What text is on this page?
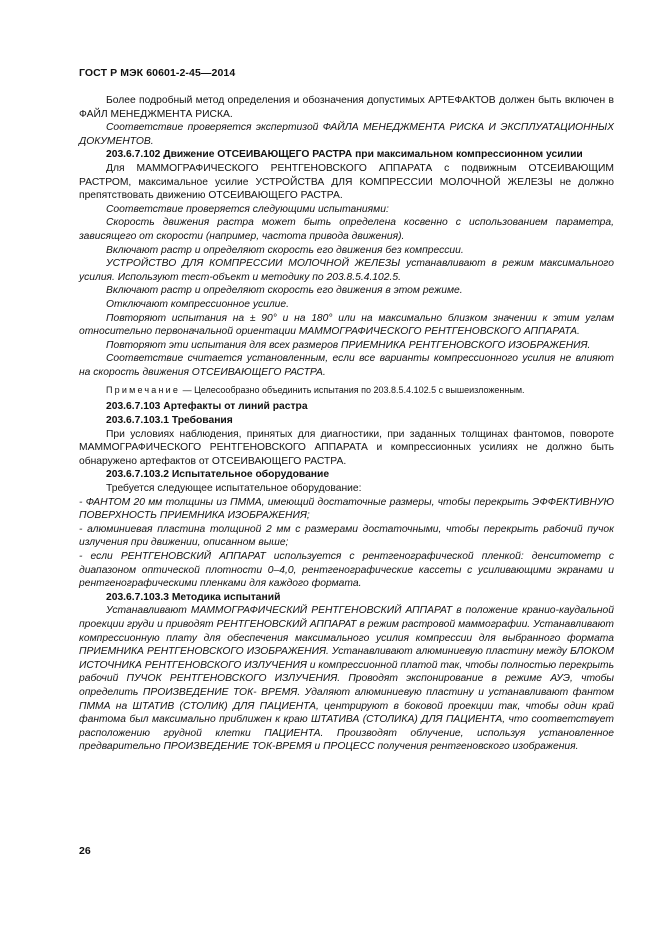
ГОСТ Р МЭК 60601-2-45—2014

Более подробный метод определения и обозначения допустимых АРТЕФАКТОВ должен быть включен в ФАЙЛ МЕНЕДЖМЕНТА РИСКА.

Соответствие проверяется экспертизой ФАЙЛА МЕНЕДЖМЕНТА РИСКА И ЭКСПЛУАТАЦИОННЫХ ДОКУМЕНТОВ.

203.6.7.102 Движение ОТСЕИВАЮЩЕГО РАСТРА при максимальном компрессионном усилии

Для МАММОГРАФИЧЕСКОГО РЕНТГЕНОВСКОГО АППАРАТА с подвижным ОТСЕИВАЮЩИМ РАСТРОМ, максимальное усилие УСТРОЙСТВА ДЛЯ КОМПРЕССИИ МОЛОЧНОЙ ЖЕЛЕЗЫ не должно препятствовать движению ОТСЕИВАЮЩЕГО РАСТРА.

Соответствие проверяется следующими испытаниями:

Скорость движения растра может быть определена косвенно с использованием параметра, зависящего от скорости (например, частота привода движения).

Включают растр и определяют скорость его движения без компрессии.

УСТРОЙСТВО ДЛЯ КОМПРЕССИИ МОЛОЧНОЙ ЖЕЛЕЗЫ устанавливают в режим максимального усилия. Используют тест-объект и методику по 203.8.5.4.102.5.

Включают растр и определяют скорость его движения в этом режиме.

Отключают компрессионное усилие.

Повторяют испытания на ± 90° и на 180° или на максимально близком значении к этим углам относительно первоначальной ориентации МАММОГРАФИЧЕСКОГО РЕНТГЕНОВСКОГО АППАРАТА.

Повторяют эти испытания для всех размеров ПРИЕМНИКА РЕНТГЕНОВСКОГО ИЗОБРАЖЕНИЯ.

Соответствие считается установленным, если все варианты компрессионного усилия не влияют на скорость движения ОТСЕИВАЮЩЕГО РАСТРА.

Примечание — Целесообразно объединить испытания по 203.8.5.4.102.5 с вышеизложенным.

203.6.7.103 Артефакты от линий растра

203.6.7.103.1 Требования

При условиях наблюдения, принятых для диагностики, при заданных толщинах фантомов, повороте МАММОГРАФИЧЕСКОГО РЕНТГЕНОВСКОГО АППАРАТА и компрессионных усилиях не должно быть обнаружено артефактов от ОТСЕИВАЮЩЕГО РАСТРА.

203.6.7.103.2 Испытательное оборудование

Требуется следующее испытательное оборудование:

- ФАНТОМ 20 мм толщины из ПММА, имеющий достаточные размеры, чтобы перекрыть ЭФФЕКТИВНУЮ ПОВЕРХНОСТЬ ПРИЕМНИКА ИЗОБРАЖЕНИЯ;

- алюминиевая пластина толщиной 2 мм с размерами достаточными, чтобы перекрыть рабочий пучок излучения при движении, описанном выше;

- если РЕНТГЕНОВСКИЙ АППАРАТ используется с рентгенографической пленкой: денситометр с диапазоном оптической плотности 0–4,0, рентгенографические кассеты с усиливающими экранами и рентгенографическими пленками для каждого формата.

203.6.7.103.3 Методика испытаний

Устанавливают МАММОГРАФИЧЕСКИЙ РЕНТГЕНОВСКИЙ АППАРАТ в положение кранио-каудальной проекции груди и приводят РЕНТГЕНОВСКИЙ АППАРАТ в режим растровой маммографии. Устанавливают компрессионную плату для обеспечения максимального усилия компрессии для выбранного формата ПРИЕМНИКА РЕНТГЕНОВСКОГО ИЗОБРАЖЕНИЯ. Устанавливают алюминиевую пластину между БЛОКОМ ИСТОЧНИКА РЕНТГЕНОВСКОГО ИЗЛУЧЕНИЯ и компрессионной платой так, чтобы полностью перекрыть рабочий ПУЧОК РЕНТГЕНОВСКОГО ИЗЛУЧЕНИЯ. Проводят экспонирование в режиме АУЭ, чтобы определить ПРОИЗВЕДЕНИЕ ТОК- ВРЕМЯ. Удаляют алюминиевую пластину и устанавливают фантом ПММА на ШТАТИВ (СТОЛИК) ДЛЯ ПАЦИЕНТА, центрируют в боковой проекции так, чтобы один край фантома был максимально приближен к краю ШТАТИВА (СТОЛИКА) ДЛЯ ПАЦИЕНТА, что соответствует расположению грудной клетки ПАЦИЕНТА. Производят облучение, используя установленное предварительно ПРОИЗВЕДЕНИЕ ТОК-ВРЕМЯ и ПРОЦЕСС получения рентгеновского изображения.

26
